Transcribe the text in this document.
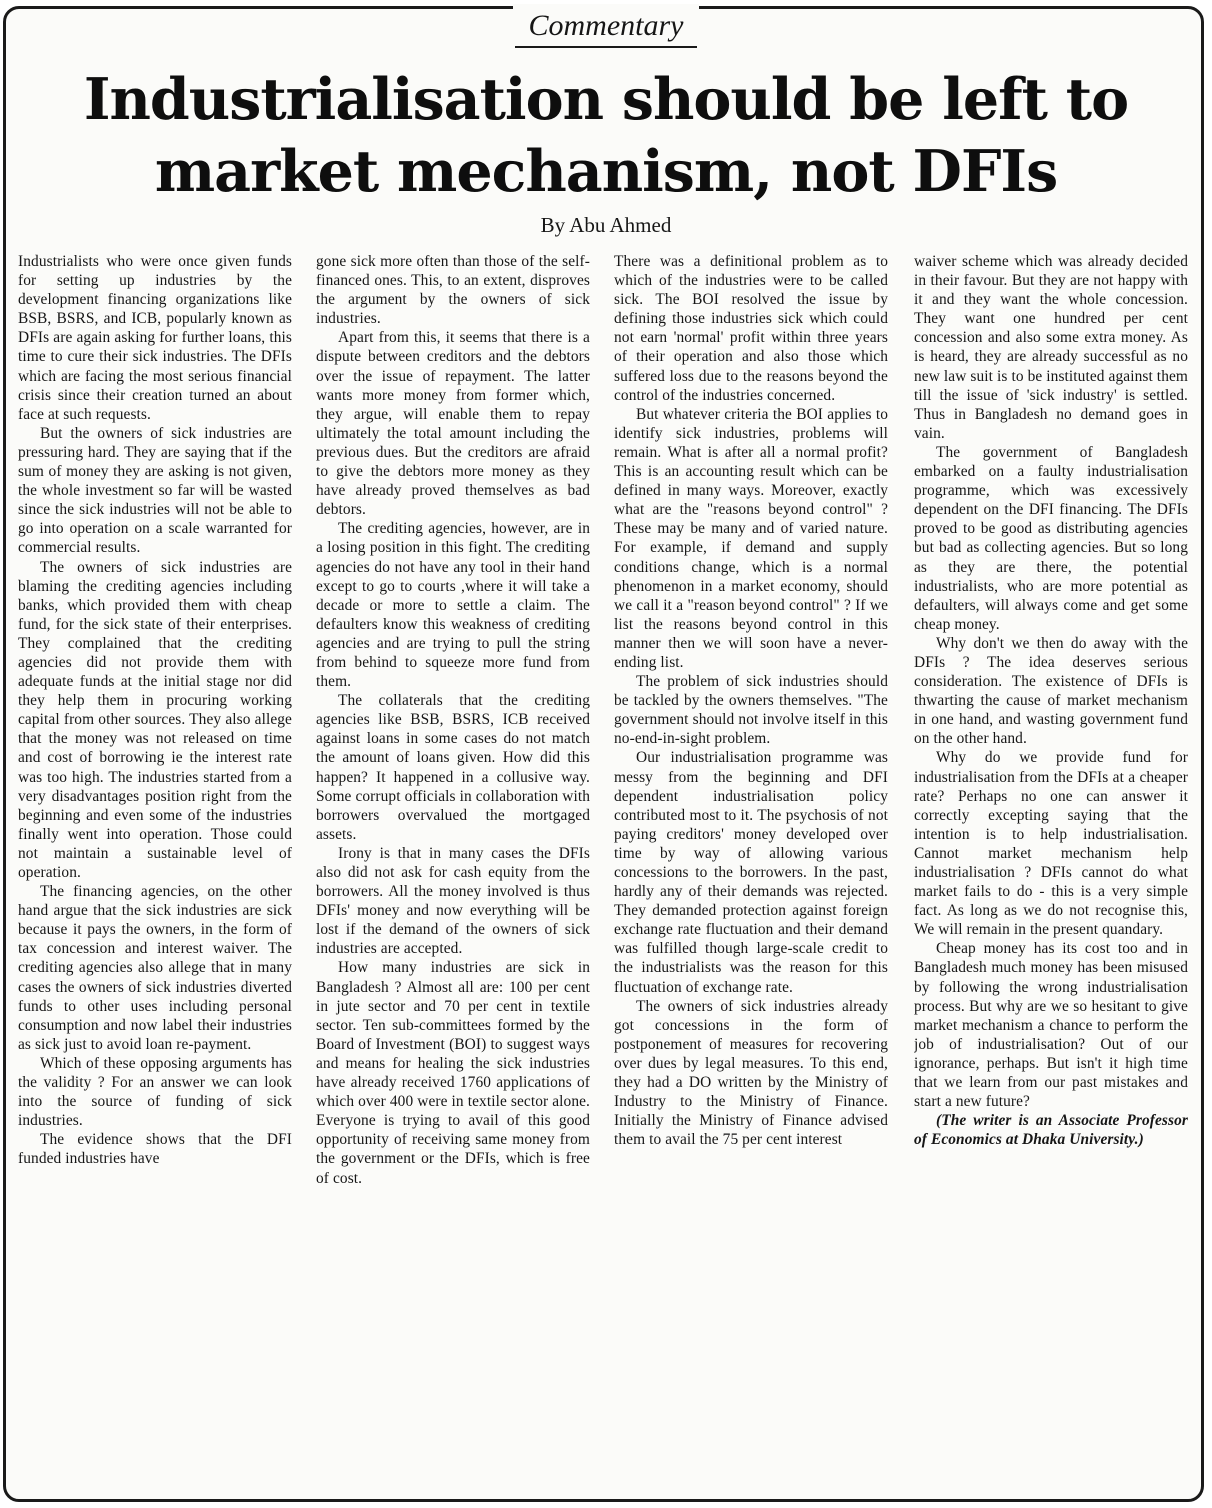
Commentary
Industrialisation should be left to
market mechanism, not DFIs
By Abu Ahmed

Industrialists who were once given funds for setting up industries by the development financing organizations like BSB, BSRS, and ICB, popularly known as DFIs are again asking for further loans, this time to cure their sick industries. The DFIs which are facing the most serious financial crisis since their creation turned an about face at such requests.

But the owners of sick industries are pressuring hard. They are saying that if the sum of money they are asking is not given, the whole investment so far will be wasted since the sick industries will not be able to go into operation on a scale warranted for commercial results.

The owners of sick industries are blaming the crediting agencies including banks, which provided them with cheap fund, for the sick state of their enterprises. They complained that the crediting agencies did not provide them with adequate funds at the initial stage nor did they help them in procuring working capital from other sources. They also allege that the money was not released on time and cost of borrowing ie the interest rate was too high. The industries started from a very disadvantages position right from the beginning and even some of the industries finally went into operation. Those could not maintain a sustainable level of operation.

The financing agencies, on the other hand argue that the sick industries are sick because it pays the owners, in the form of tax concession and interest waiver. The crediting agencies also allege that in many cases the owners of sick industries diverted funds to other uses including personal consumption and now label their industries as sick just to avoid loan re-payment.

Which of these opposing arguments has the validity ? For an answer we can look into the source of funding of sick industries.

The evidence shows that the DFI funded industries have

gone sick more often than those of the self-financed ones. This, to an extent, disproves the argument by the owners of sick industries.

Apart from this, it seems that there is a dispute between creditors and the debtors over the issue of repayment. The latter wants more money from former which, they argue, will enable them to repay ultimately the total amount including the previous dues. But the creditors are afraid to give the debtors more money as they have already proved themselves as bad debtors.

The crediting agencies, however, are in a losing position in this fight. The crediting agencies do not have any tool in their hand except to go to courts ,where it will take a decade or more to settle a claim. The defaulters know this weakness of crediting agencies and are trying to pull the string from behind to squeeze more fund from them.

The collaterals that the crediting agencies like BSB, BSRS, ICB received against loans in some cases do not match the amount of loans given. How did this happen? It happened in a collusive way. Some corrupt officials in collaboration with borrowers overvalued the mortgaged assets.

Irony is that in many cases the DFIs also did not ask for cash equity from the borrowers. All the money involved is thus DFIs' money and now everything will be lost if the demand of the owners of sick industries are accepted.

How many industries are sick in Bangladesh ? Almost all are: 100 per cent in jute sector and 70 per cent in textile sector. Ten sub-committees formed by the Board of Investment (BOI) to suggest ways and means for healing the sick industries have already received 1760 applications of which over 400 were in textile sector alone. Everyone is trying to avail of this good opportunity of receiving same money from the government or the DFIs, which is free of cost.

There was a definitional problem as to which of the industries were to be called sick. The BOI resolved the issue by defining those industries sick which could not earn 'normal' profit within three years of their operation and also those which suffered loss due to the reasons beyond the control of the industries concerned.

But whatever criteria the BOI applies to identify sick industries, problems will remain. What is after all a normal profit? This is an accounting result which can be defined in many ways. Moreover, exactly what are the "reasons beyond control" ? These may be many and of varied nature. For example, if demand and supply conditions change, which is a normal phenomenon in a market economy, should we call it a "reason beyond control" ? If we list the reasons beyond control in this manner then we will soon have a never-ending list.

The problem of sick industries should be tackled by the owners themselves. "The government should not involve itself in this no-end-in-sight problem.

Our industrialisation programme was messy from the beginning and DFI dependent industrialisation policy contributed most to it. The psychosis of not paying creditors' money developed over time by way of allowing various concessions to the borrowers. In the past, hardly any of their demands was rejected. They demanded protection against foreign exchange rate fluctuation and their demand was fulfilled though large-scale credit to the industrialists was the reason for this fluctuation of exchange rate.

The owners of sick industries already got concessions in the form of postponement of measures for recovering over dues by legal measures. To this end, they had a DO written by the Ministry of Industry to the Ministry of Finance. Initially the Ministry of Finance advised them to avail the 75 per cent interest

waiver scheme which was already decided in their favour. But they are not happy with it and they want the whole concession. They want one hundred per cent concession and also some extra money. As is heard, they are already successful as no new law suit is to be instituted against them till the issue of 'sick industry' is settled. Thus in Bangladesh no demand goes in vain.

The government of Bangladesh embarked on a faulty industrialisation programme, which was excessively dependent on the DFI financing. The DFIs proved to be good as distributing agencies but bad as collecting agencies. But so long as they are there, the potential industrialists, who are more potential as defaulters, will always come and get some cheap money.

Why don't we then do away with the DFIs ? The idea deserves serious consideration. The existence of DFIs is thwarting the cause of market mechanism in one hand, and wasting government fund on the other hand.

Why do we provide fund for industrialisation from the DFIs at a cheaper rate? Perhaps no one can answer it correctly excepting saying that the intention is to help industrialisation. Cannot market mechanism help industrialisation ? DFIs cannot do what market fails to do - this is a very simple fact. As long as we do not recognise this, We will remain in the present quandary.

Cheap money has its cost too and in Bangladesh much money has been misused by following the wrong industrialisation process. But why are we so hesitant to give market mechanism a chance to perform the job of industrialisation? Out of our ignorance, perhaps. But isn't it high time that we learn from our past mistakes and start a new future?

(The writer is an Associate Professor of Economics at Dhaka University.)
